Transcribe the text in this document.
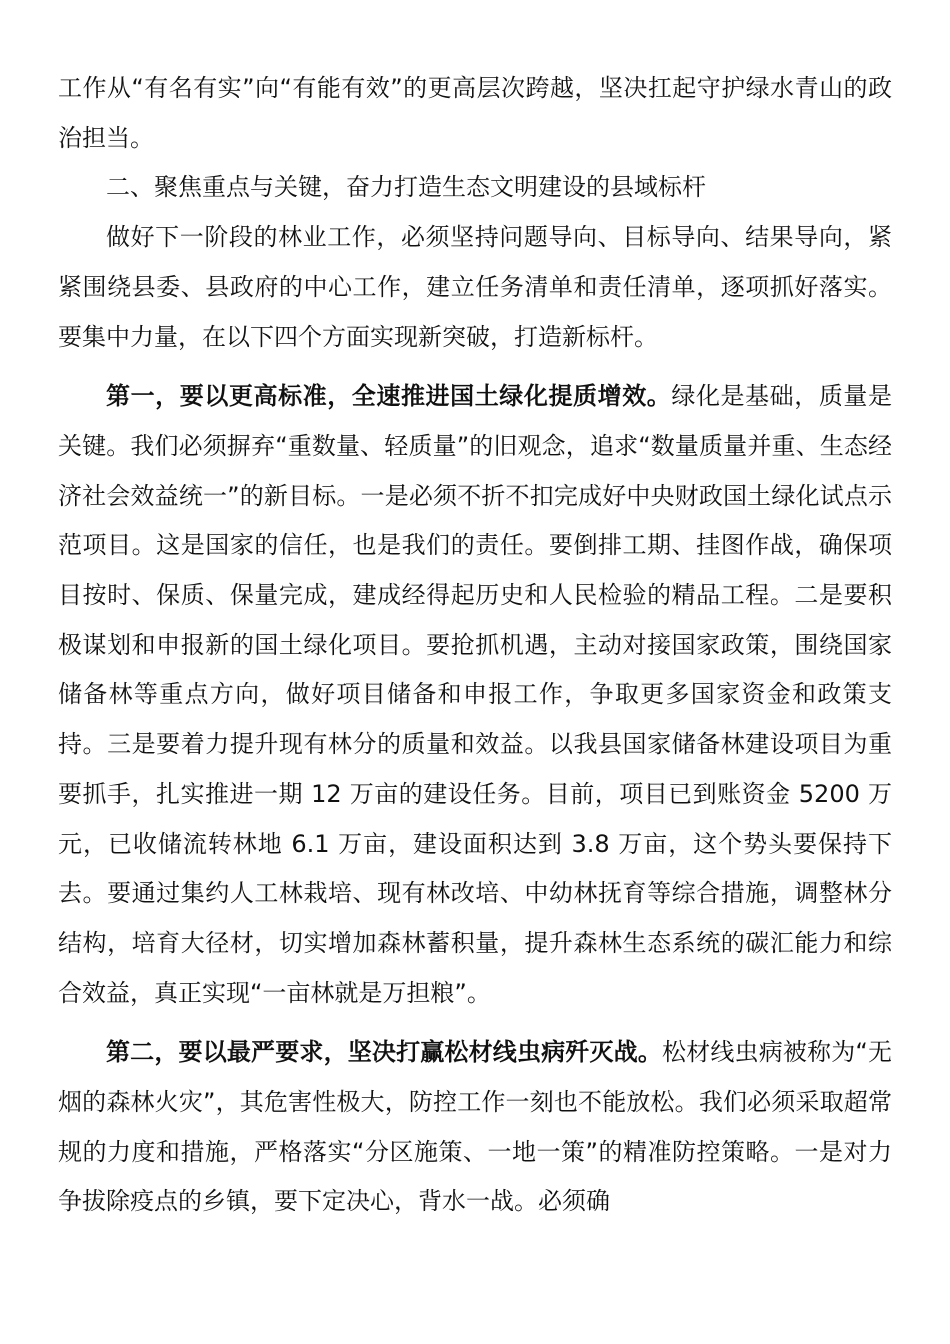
工作从“有名有实”向“有能有效”的更高层次跨越，坚决扛起守护绿水青山的政治担当。

二、聚焦重点与关键，奋力打造生态文明建设的县域标杆

做好下一阶段的林业工作，必须坚持问题导向、目标导向、结果导向，紧紧围绕县委、县政府的中心工作，建立任务清单和责任清单，逐项抓好落实。要集中力量，在以下四个方面实现新突破，打造新标杆。

第一，要以更高标准，全速推进国土绿化提质增效。绿化是基础，质量是关键。我们必须摒弃“重数量、轻质量”的旧观念，追求“数量质量并重、生态经济社会效益统一”的新目标。一是必须不折不扣完成好中央财政国土绿化试点示范项目。这是国家的信任，也是我们的责任。要倒排工期、挂图作战，确保项目按时、保质、保量完成，建成经得起历史和人民检验的精品工程。二是要积极谋划和申报新的国土绿化项目。要抢抓机遇，主动对接国家政策，围绕国家储备林等重点方向，做好项目储备和申报工作，争取更多国家资金和政策支持。三是要着力提升现有林分的质量和效益。以我县国家储备林建设项目为重要抓手，扎实推进一期 12 万亩的建设任务。目前，项目已到账资金 5200 万元，已收储流转林地 6.1 万亩，建设面积达到 3.8 万亩，这个势头要保持下去。要通过集约人工林栽培、现有林改培、中幼林抚育等综合措施，调整林分结构，培育大径材，切实增加森林蓄积量，提升森林生态系统的碳汇能力和综合效益，真正实现“一亩林就是万担粮”。

第二，要以最严要求，坚决打赢松材线虫病歼灭战。松材线虫病被称为“无烟的森林火灾”，其危害性极大，防控工作一刻也不能放松。我们必须采取超常规的力度和措施，严格落实“分区施策、一地一策”的精准防控策略。一是对力争拔除疫点的乡镇，要下定决心，背水一战。必须确
